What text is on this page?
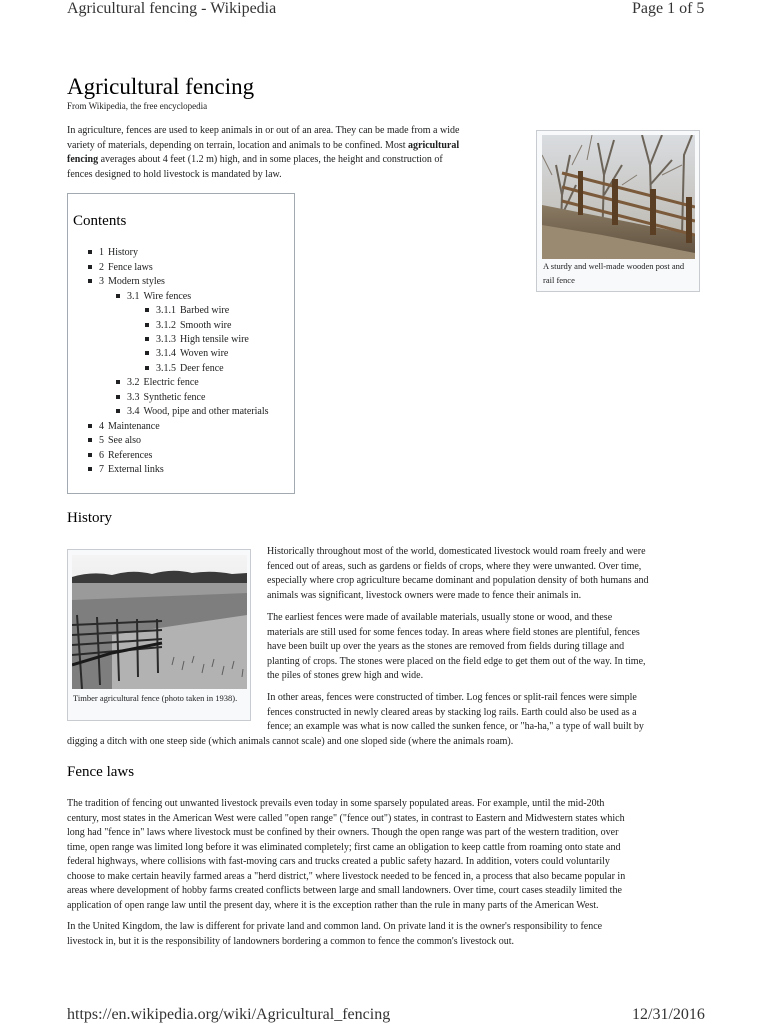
Agricultural fencing - Wikipedia	Page 1 of 5
https://en.wikipedia.org/wiki/Agricultural_fencing	12/31/2016
Agricultural fencing
From Wikipedia, the free encyclopedia
In agriculture, fences are used to keep animals in or out of an area. They can be made from a wide
variety of materials, depending on terrain, location and animals to be confined. Most agricultural
fencing averages about 4 feet (1.2 m) high, and in some places, the height and construction of
fences designed to hold livestock is mandated by law.
A sturdy and well-made wooden post and rail fence
Contents
1 History
2 Fence laws
3 Modern styles
3.1 Wire fences
3.1.1 Barbed wire
3.1.2 Smooth wire
3.1.3 High tensile wire
3.1.4 Woven wire
3.1.5 Deer fence
3.2 Electric fence
3.3 Synthetic fence
3.4 Wood, pipe and other materials
4 Maintenance
5 See also
6 References
7 External links
History
Timber agricultural fence (photo taken in 1938).
Historically throughout most of the world, domesticated livestock would roam freely and were
fenced out of areas, such as gardens or fields of crops, where they were unwanted. Over time,
especially where crop agriculture became dominant and population density of both humans and
animals was significant, livestock owners were made to fence their animals in.
The earliest fences were made of available materials, usually stone or wood, and these
materials are still used for some fences today. In areas where field stones are plentiful, fences
have been built up over the years as the stones are removed from fields during tillage and
planting of crops. The stones were placed on the field edge to get them out of the way. In time,
the piles of stones grew high and wide.
In other areas, fences were constructed of timber. Log fences or split-rail fences were simple
fences constructed in newly cleared areas by stacking log rails. Earth could also be used as a
fence; an example was what is now called the sunken fence, or "ha-ha," a type of wall built by
digging a ditch with one steep side (which animals cannot scale) and one sloped side (where the animals roam).
Fence laws
The tradition of fencing out unwanted livestock prevails even today in some sparsely populated areas. For example, until the mid-20th
century, most states in the American West were called "open range" ("fence out") states, in contrast to Eastern and Midwestern states which
long had "fence in" laws where livestock must be confined by their owners. Though the open range was part of the western tradition, over
time, open range was limited long before it was eliminated completely; first came an obligation to keep cattle from roaming onto state and
federal highways, where collisions with fast-moving cars and trucks created a public safety hazard. In addition, voters could voluntarily
choose to make certain heavily farmed areas a "herd district," where livestock needed to be fenced in, a process that also became popular in
areas where development of hobby farms created conflicts between large and small landowners. Over time, court cases steadily limited the
application of open range law until the present day, where it is the exception rather than the rule in many parts of the American West.
In the United Kingdom, the law is different for private land and common land. On private land it is the owner's responsibility to fence
livestock in, but it is the responsibility of landowners bordering a common to fence the common's livestock out.
